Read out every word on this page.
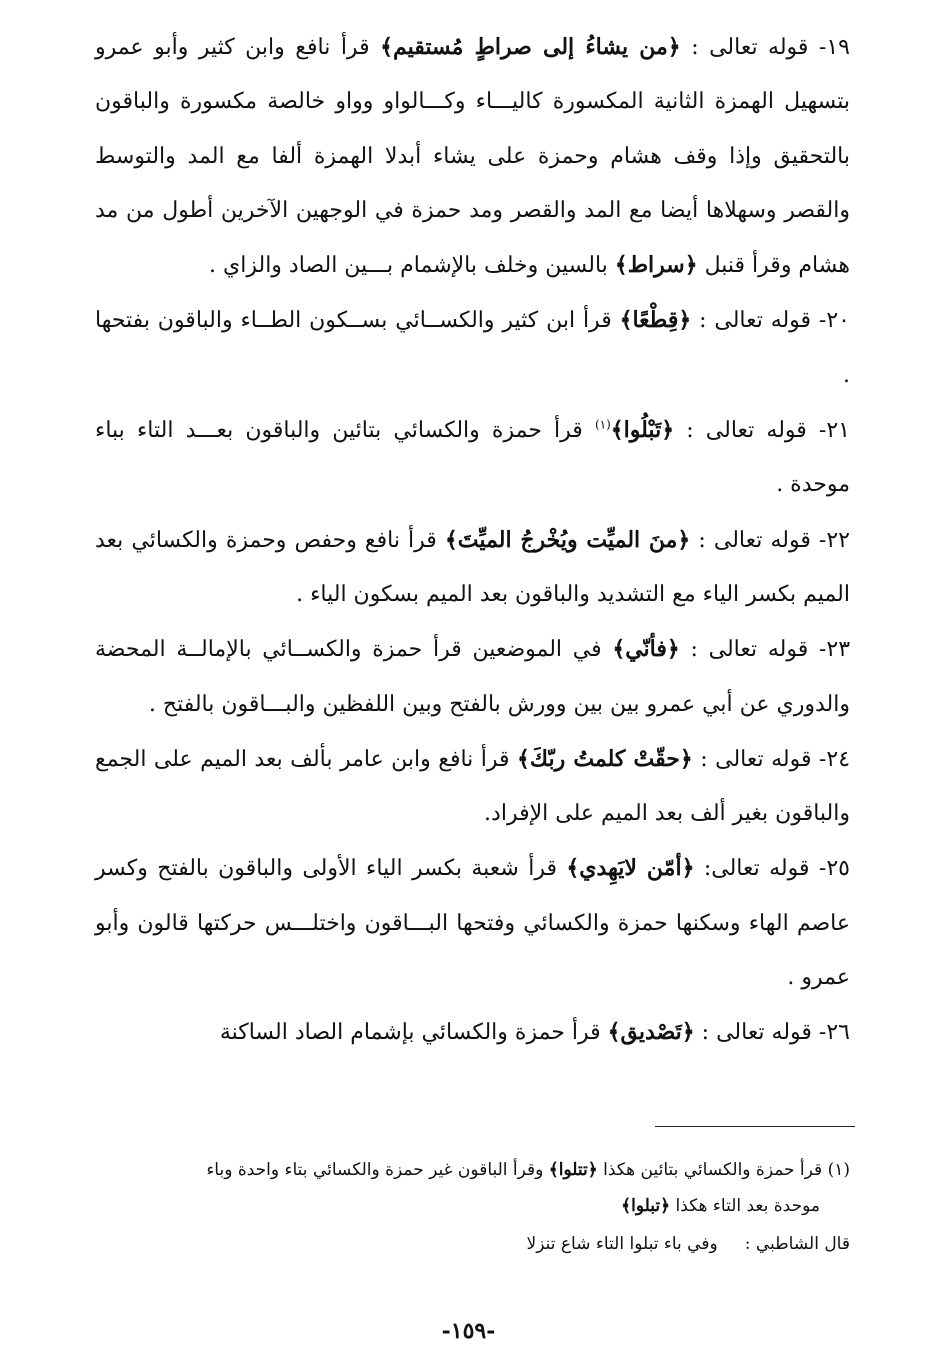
١٩- قوله تعالى : ﴿من يشاءُ إلى صراطٍ مُستقيم﴾ قرأ نافع وابن كثير وأبو عمرو بتسهيل الهمزة الثانية المكسورة كاليـــاء وكـــالواو وواو خالصة مكسورة والباقون بالتحقيق وإذا وقف هشام وحمزة على يشاء أبدلا الهمزة ألفا مع المد والتوسط والقصر وسهلاها أيضا مع المد والقصر ومد حمزة في الوجهين الآخرين أطول من مد هشام وقرأ قنبل ﴿سراط﴾ بالسين وخلف بالإشمام بـــين الصاد والزاي .

٢٠- قوله تعالى : ﴿قِطْعًا﴾ قرأ ابن كثير والكســائي بســكون الطــاء والباقون بفتحها .

٢١- قوله تعالى : ﴿تَبْلُوا﴾$^{(١)}$ قرأ حمزة والكسائي بتائين والباقون بعـــد التاء بباء موحدة .

٢٢- قوله تعالى : ﴿منَ الميِّت ويُخْرجُ الميِّتَ﴾ قرأ نافع وحفص وحمزة والكسائي بعد الميم بكسر الياء مع التشديد والباقون بعد الميم بسكون الياء .

٢٣- قوله تعالى : ﴿فأنّي﴾ في الموضعين قرأ حمزة والكســائي بالإمالــة المحضة والدوري عن أبي عمرو بين بين وورش بالفتح وبين اللفظين والبـــاقون بالفتح .

٢٤- قوله تعالى : ﴿حقّتْ كلمتُ ربّكَ﴾ قرأ نافع وابن عامر بألف بعد الميم على الجمع والباقون بغير ألف بعد الميم على الإفراد.

٢٥- قوله تعالى: ﴿أمّن لايَهِدي﴾ قرأ شعبة بكسر الياء الأولى والباقون بالفتح وكسر عاصم الهاء وسكنها حمزة والكسائي وفتحها البـــاقون واختلـــس حركتها قالون وأبو عمرو .

٢٦- قوله تعالى : ﴿تَصْديق﴾ قرأ حمزة والكسائي بإشمام الصاد الساكنة

(١) قرأ حمزة والكسائي بتائين هكذا ﴿تتلوا﴾ وقرأ الباقون غير حمزة والكسائي بتاء واحدة وباء

موحدة بعد التاء هكذا ﴿تبلوا﴾

قال الشاطبي :     وفي باء تبلوا التاء شاع تنزلا

-١٥٩-
